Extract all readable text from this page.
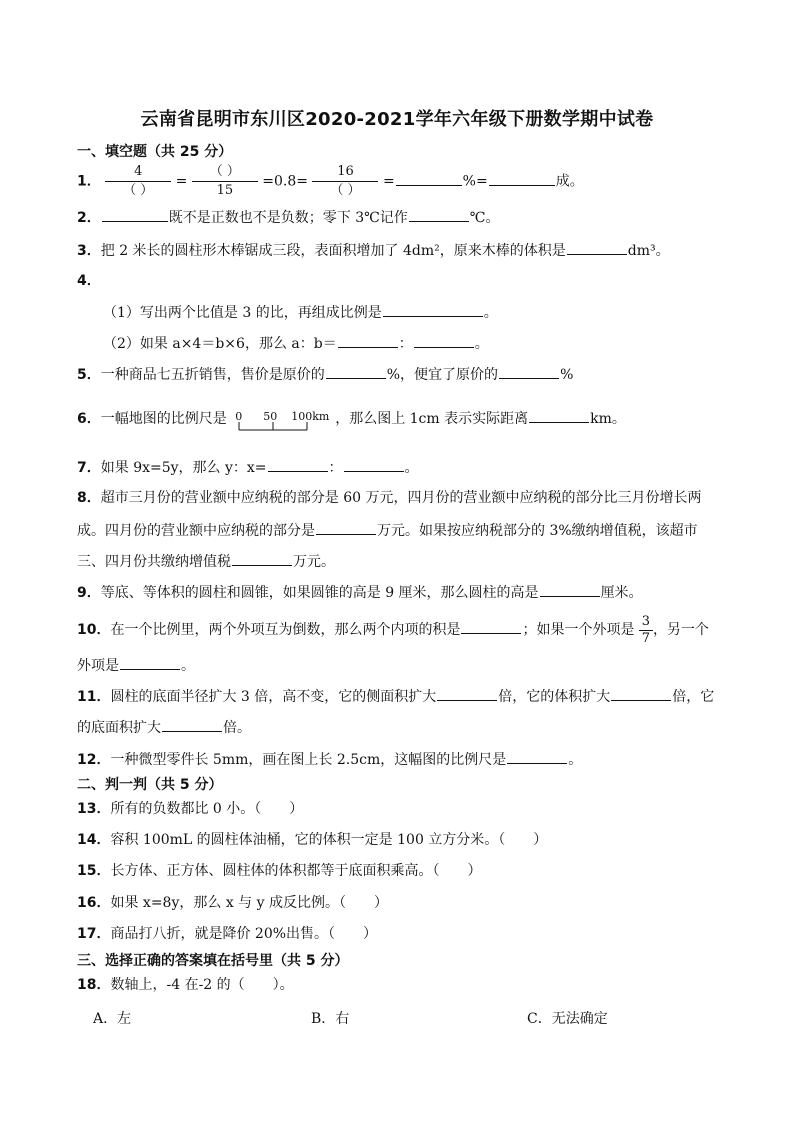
云南省昆明市东川区2020-2021学年六年级下册数学期中试卷
一、填空题（共 25 分）
1． $\frac{4}{( )} = \frac{( )}{15} =0.8= \frac{16}{( )}$ =	%=	成。
2．	既不是正数也不是负数；零下 3℃记作	℃。
3．把 2 米长的圆柱形木棒锯成三段，表面积增加了 4dm²，原来木棒的体积是	dm³。
4．
（1）写出两个比值是 3 的比，再组成比例是	。
（2）如果 a×4＝b×6，那么 a：b＝	：	。
5．一种商品七五折销售，售价是原价的	%，便宜了原价的	%
6．一幅地图的比例尺是 0 50 100km ，那么图上 1cm 表示实际距离	km。
7．如果 9x=5y，那么 y：x=	：	。
8．超市三月份的营业额中应纳税的部分是 60 万元，四月份的营业额中应纳税的部分比三月份增长两
成。四月份的营业额中应纳税的部分是	万元。如果按应纳税部分的 3%缴纳增值税，该超市
三、四月份共缴纳增值税	万元。
9．等底、等体积的圆柱和圆锥，如果圆锥的高是 9 厘米，那么圆柱的高是	厘米。
10．在一个比例里，两个外项互为倒数，那么两个内项的积是	；如果一个外项是 $\frac{3}{7}$ ，另一个
外项是	。
11．圆柱的底面半径扩大 3 倍，高不变，它的侧面积扩大	倍，它的体积扩大	倍，它
的底面积扩大	倍。
12．一种微型零件长 5mm，画在图上长 2.5cm，这幅图的比例尺是	。
二、判一判（共 5 分）
13．所有的负数都比 0 小。（　　）
14．容积 100mL 的圆柱体油桶，它的体积一定是 100 立方分米。（　　）
15．长方体、正方体、圆柱体的体积都等于底面积乘高。（　　）
16．如果 x=8y，那么 x 与 y 成反比例。（　　）
17．商品打八折，就是降价 20%出售。（　　）
三、选择正确的答案填在括号里（共 5 分）
18．数轴上，-4 在-2 的（　　）。
A．左	B．右	C．无法确定
